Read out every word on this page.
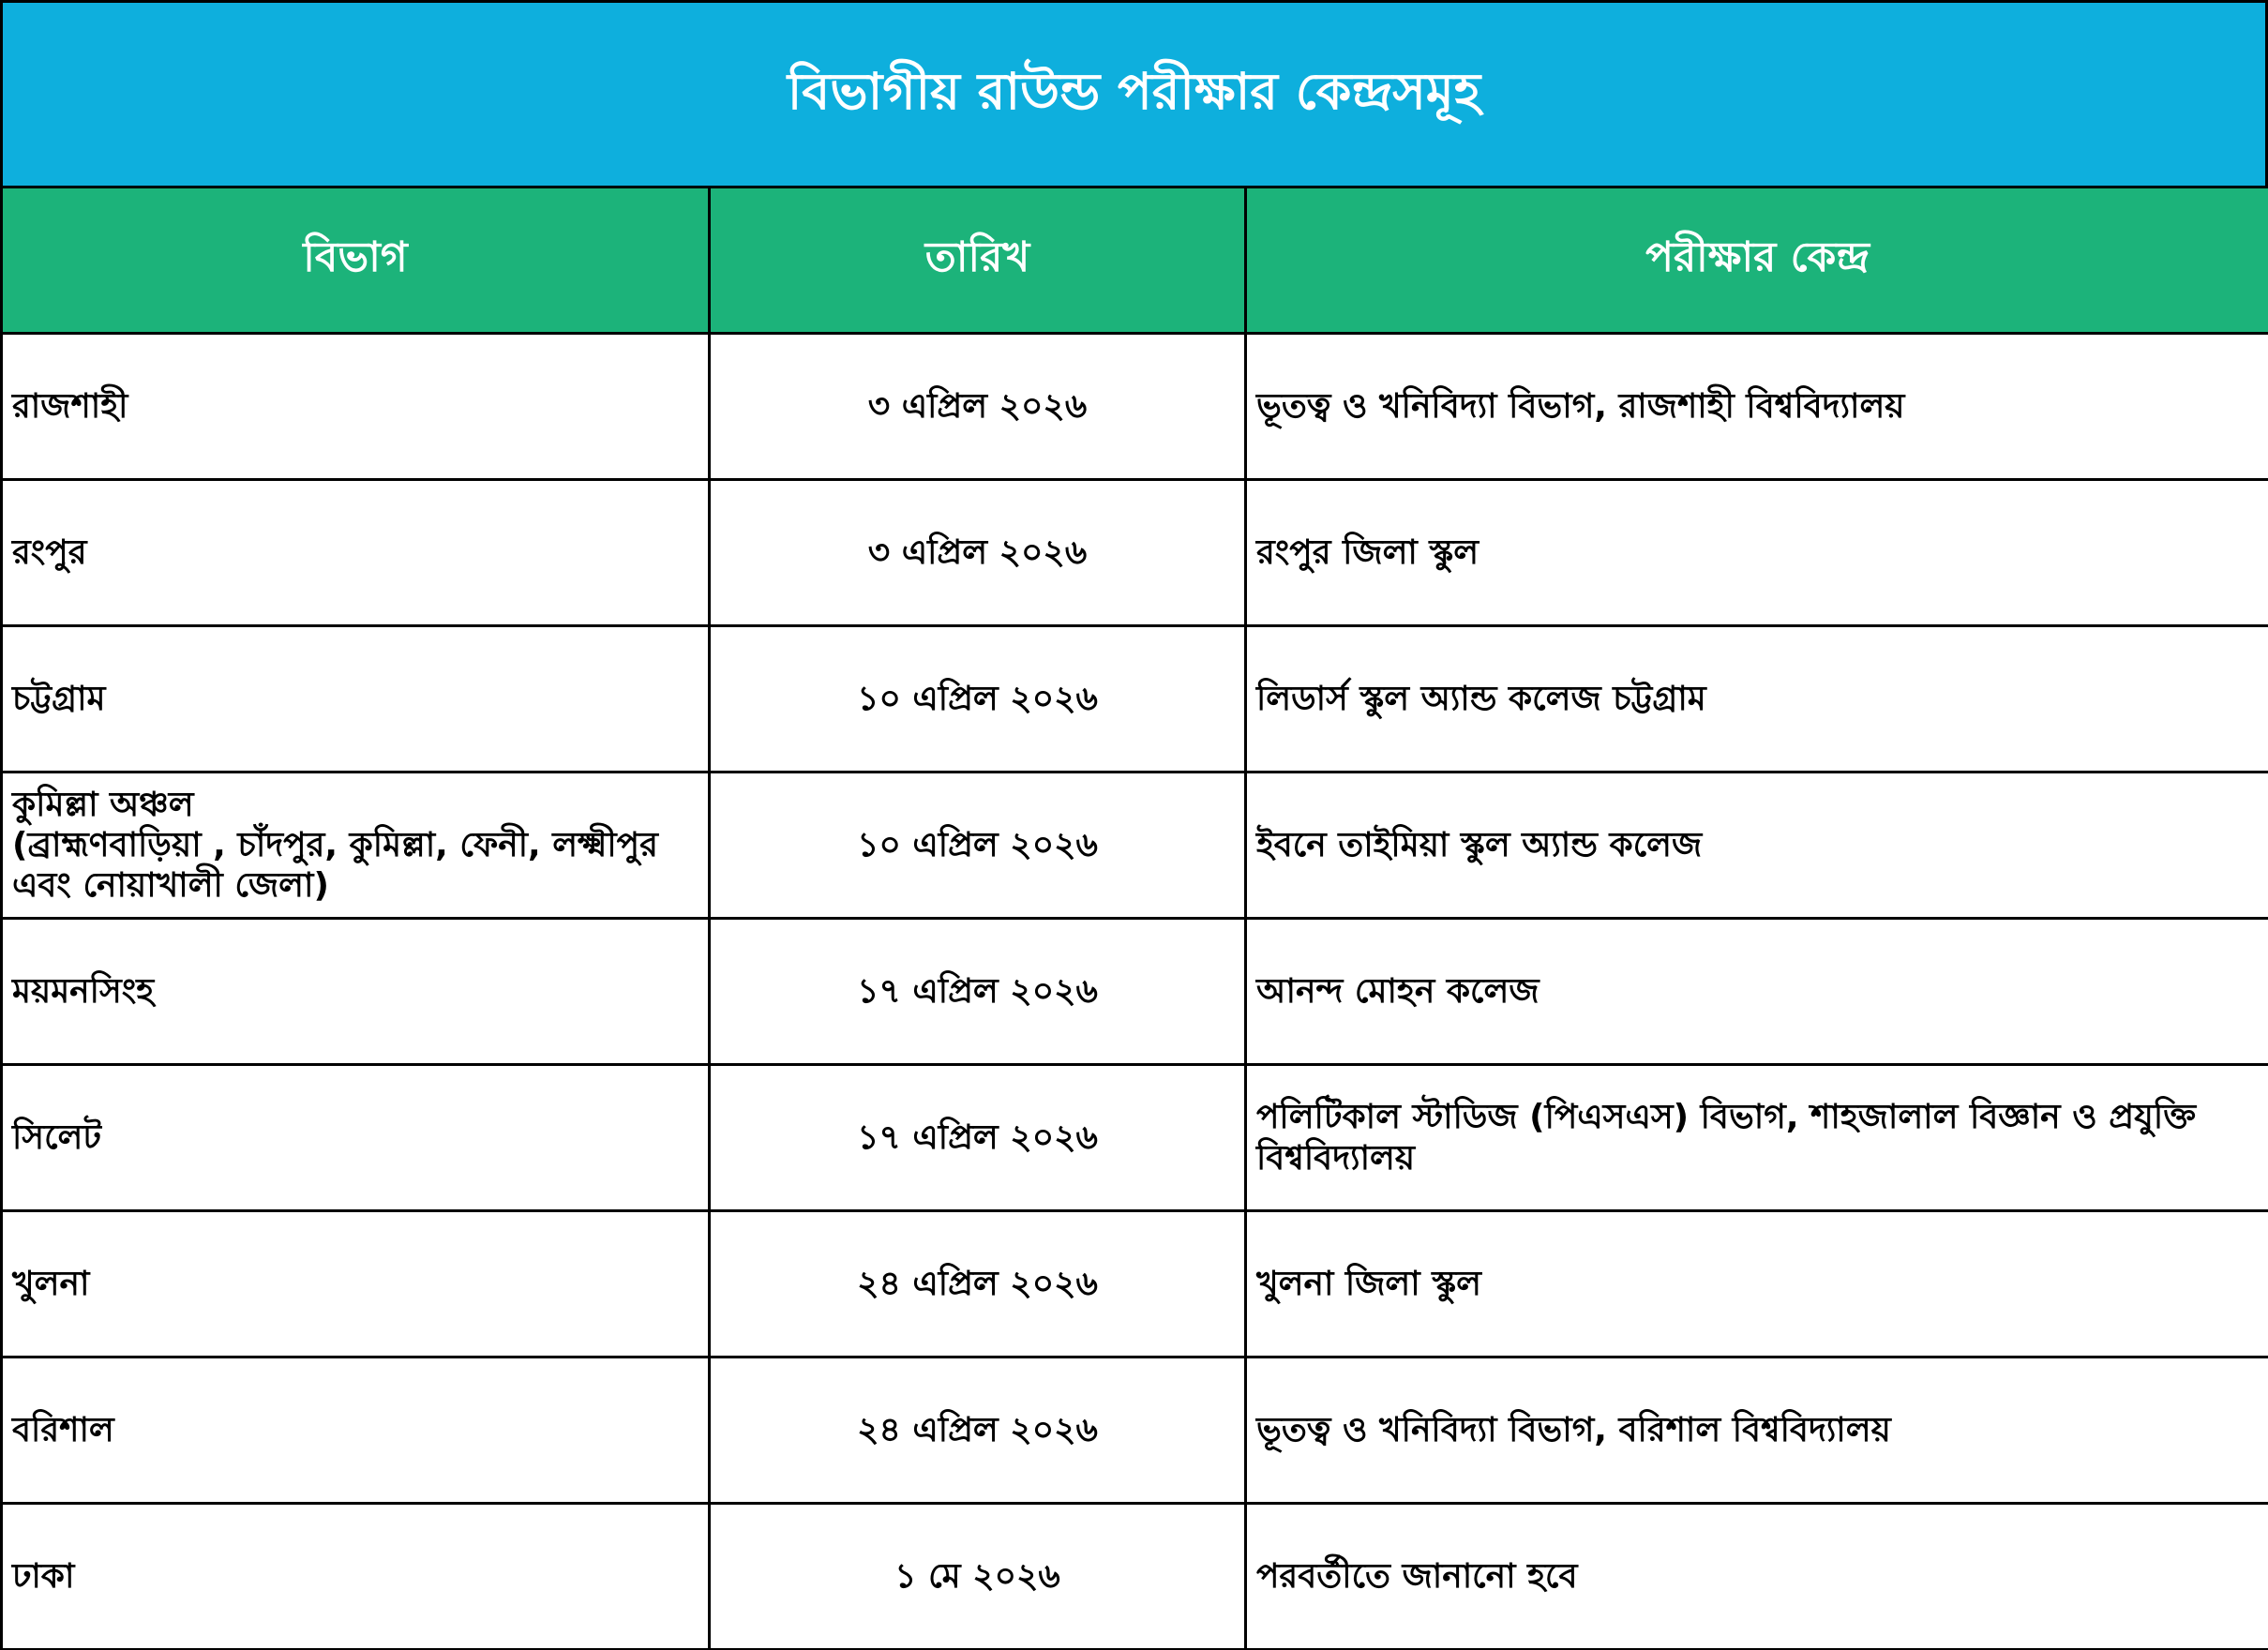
বিভাগীয় রাউন্ড পরীক্ষার কেন্দ্রসমূহ
বিভাগ	তারিখ	পরীক্ষার কেন্দ্র
রাজশাহী	৩ এপ্রিল ২০২৬	ভূতত্ব ও খনিবিদ্যা বিভাগ, রাজশাহী বিশ্ববিদ্যালয়
রংপুর	৩ এপ্রিল ২০২৬	রংপুর জিলা স্কুল
চট্টগ্রাম	১০ এপ্রিল ২০২৬	লিডার্স স্কুল অ্যান্ড কলেজ চট্টগ্রাম
কুমিল্লা অঞ্চল
(ব্রাহ্মণবাড়িয়া , চাঁদপুর, কুমিল্লা, ফেনী, লক্ষ্মীপুর এবং নোয়াখালী জেলা)	১০ এপ্রিল ২০২৬	ইবনে তাইমিয়া স্কুল অ্যান্ড কলেজ
ময়মনসিংহ	১৭ এপ্রিল ২০২৬	আনন্দ মোহন কলেজ
সিলেট	১৭ এপ্রিল ২০২৬	পলিটিকাল স্টাডিজ (পিএসএস) বিভাগ, শাহজালাল বিজ্ঞান ও প্রযুক্তি বিশ্ববিদ্যালয়
খুলনা	২৪ এপ্রিল ২০২৬	খুলনা জিলা স্কুল
বরিশাল	২৪ এপ্রিল ২০২৬	ভূতত্ব ও খনিবিদ্যা বিভাগ, বরিশাল বিশ্ববিদ্যালয়
ঢাকা	১ মে ২০২৬	পরবর্তীতে জানানো হবে
